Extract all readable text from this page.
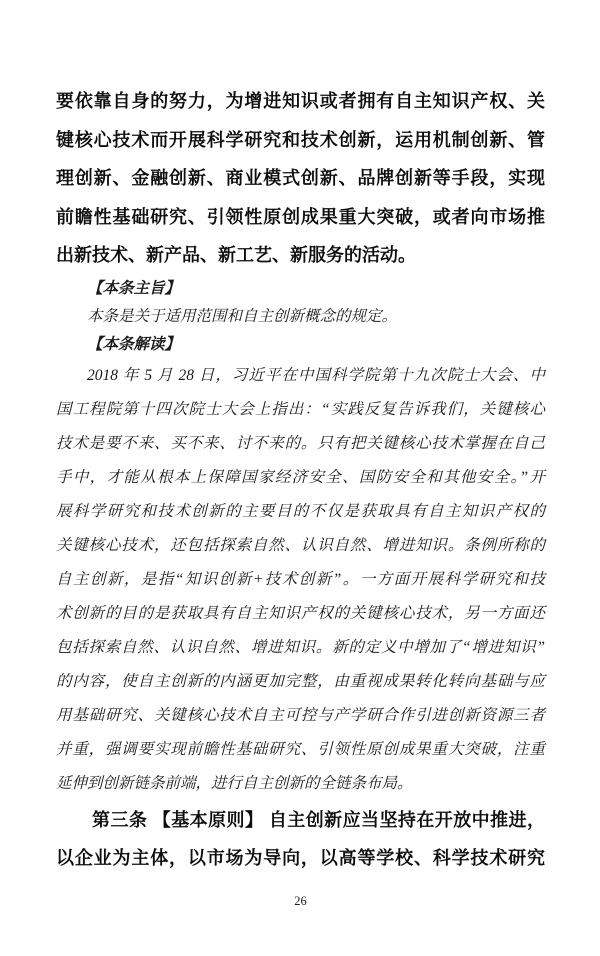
要依靠自身的努力，为增进知识或者拥有自主知识产权、关
键核心技术而开展科学研究和技术创新，运用机制创新、管
理创新、金融创新、商业模式创新、品牌创新等手段，实现
前瞻性基础研究、引领性原创成果重大突破，或者向市场推
出新技术、新产品、新工艺、新服务的活动。
【本条主旨】
本条是关于适用范围和自主创新概念的规定。
【本条解读】
2018 年 5 月 28 日，习近平在中国科学院第十九次院士大会、中
国工程院第十四次院士大会上指出：“实践反复告诉我们，关键核心
技术是要不来、买不来、讨不来的。只有把关键核心技术掌握在自己
手中，才能从根本上保障国家经济安全、国防安全和其他安全。”开
展科学研究和技术创新的主要目的不仅是获取具有自主知识产权的
关键核心技术，还包括探索自然、认识自然、增进知识。条例所称的
自主创新，是指“知识创新+技术创新”。一方面开展科学研究和技
术创新的目的是获取具有自主知识产权的关键核心技术，另一方面还
包括探索自然、认识自然、增进知识。新的定义中增加了“增进知识”
的内容，使自主创新的内涵更加完整，由重视成果转化转向基础与应
用基础研究、关键核心技术自主可控与产学研合作引进创新资源三者
并重，强调要实现前瞻性基础研究、引领性原创成果重大突破，注重
延伸到创新链条前端，进行自主创新的全链条布局。
第三条 【基本原则】 自主创新应当坚持在开放中推进，
以企业为主体，以市场为导向，以高等学校、科学技术研究
26
